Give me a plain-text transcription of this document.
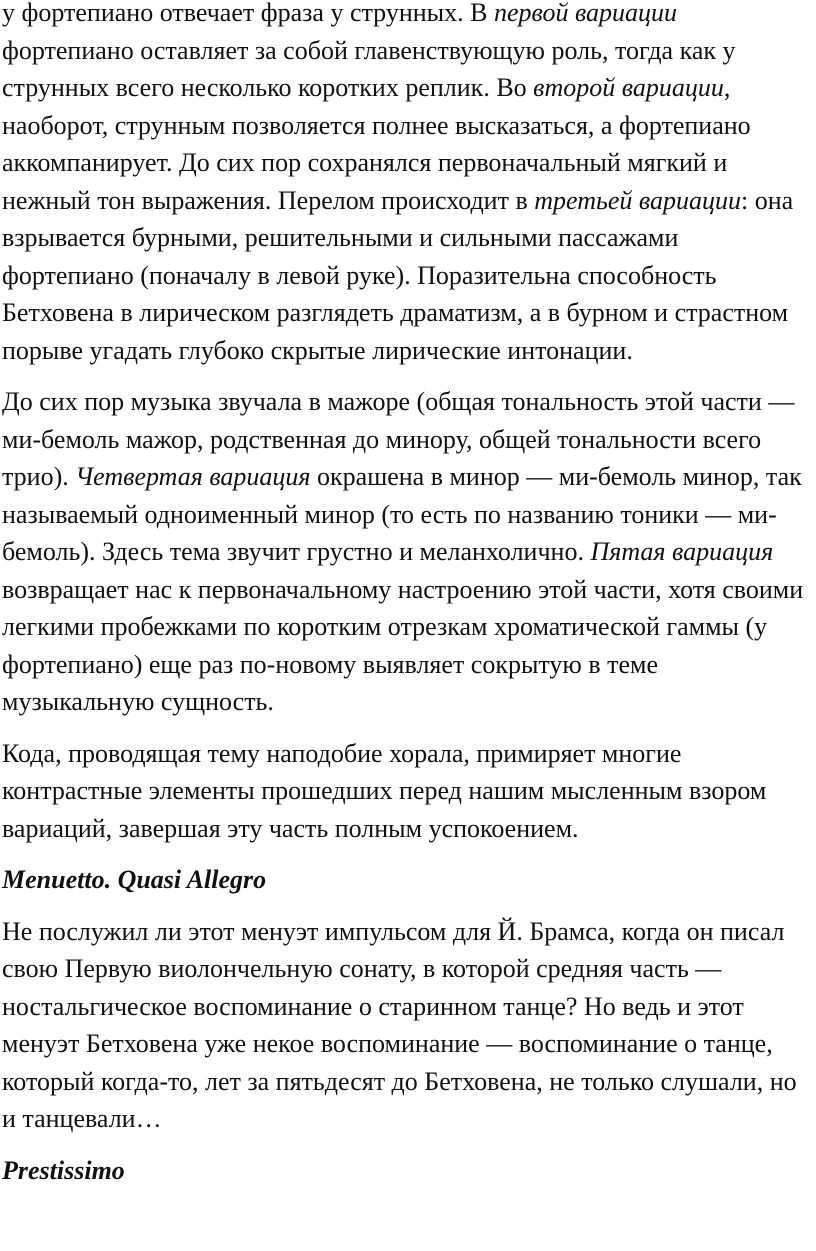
у фортепиано отвечает фраза у струнных. В первой вариации фортепиано оставляет за собой главенствующую роль, тогда как у струнных всего несколько коротких реплик. Во второй вариации, наоборот, струнным позволяется полнее высказаться, а фортепиано аккомпанирует. До сих пор сохранялся первоначальный мягкий и нежный тон выражения. Перелом происходит в третьей вариации: она взрывается бурными, решительными и сильными пассажами фортепиано (поначалу в левой руке). Поразительна способность Бетховена в лирическом разглядеть драматизм, а в бурном и страстном порыве угадать глубоко скрытые лирические интонации.

До сих пор музыка звучала в мажоре (общая тональность этой части — ми-бемоль мажор, родственная до минору, общей тональности всего трио). Четвертая вариация окрашена в минор — ми-бемоль минор, так называемый одноименный минор (то есть по названию тоники — ми-бемоль). Здесь тема звучит грустно и меланхолично. Пятая вариация возвращает нас к первоначальному настроению этой части, хотя своими легкими пробежками по коротким отрезкам хроматической гаммы (у фортепиано) еще раз по-новому выявляет сокрытую в теме музыкальную сущность.

Кода, проводящая тему наподобие хорала, примиряет многие контрастные элементы прошедших перед нашим мысленным взором вариаций, завершая эту часть полным успокоением.

Menuetto. Quasi Allegro

Не послужил ли этот менуэт импульсом для Й. Брамса, когда он писал свою Первую виолончельную сонату, в которой средняя часть — ностальгическое воспоминание о старинном танце? Но ведь и этот менуэт Бетховена уже некое воспоминание — воспоминание о танце, который когда-то, лет за пятьдесят до Бетховена, не только слушали, но и танцевали…

Prestissimo
